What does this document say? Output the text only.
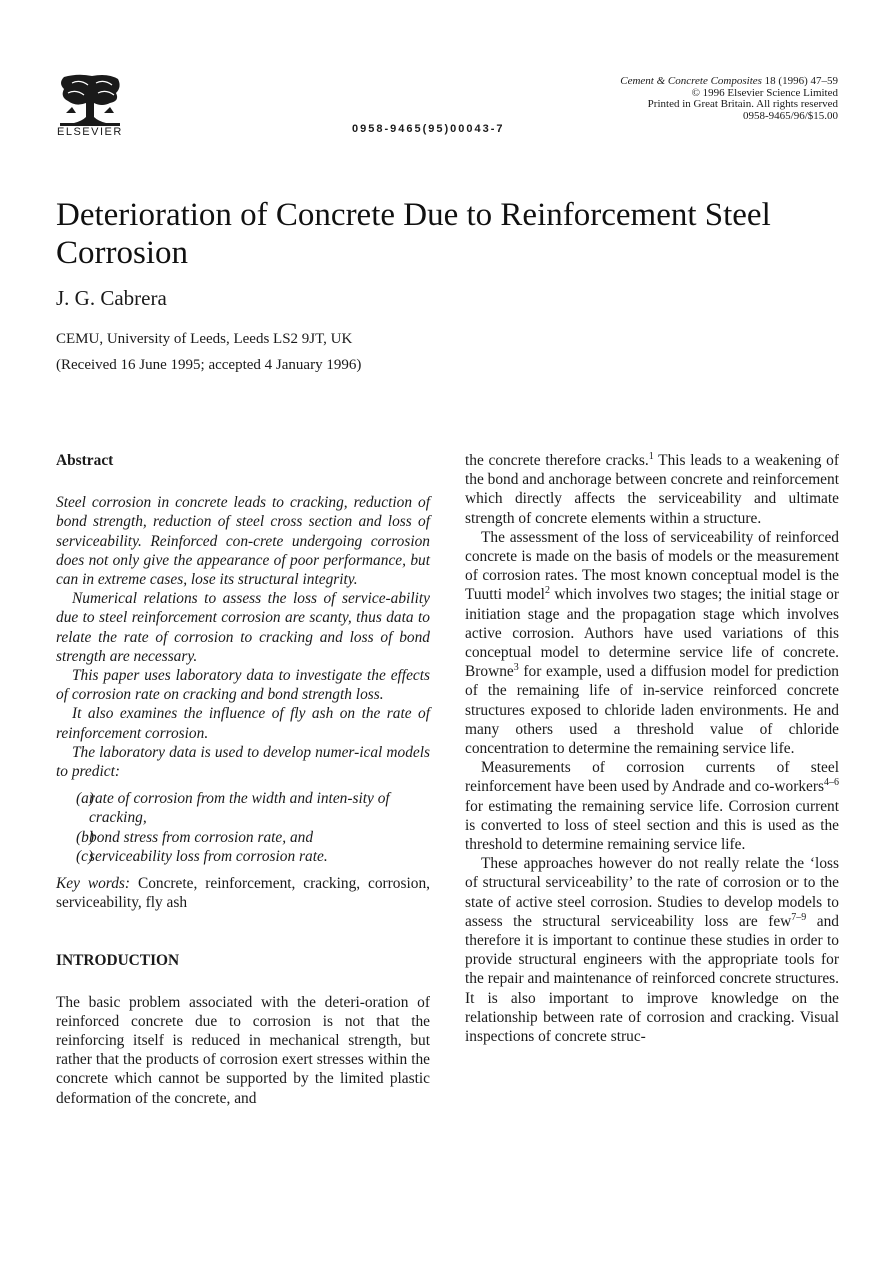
ELSEVIER	0958-9465(95)00043-7
Cement & Concrete Composites 18 (1996) 47–59
© 1996 Elsevier Science Limited
Printed in Great Britain. All rights reserved
0958-9465/96/$15.00
Deterioration of Concrete Due to Reinforcement Steel Corrosion
J. G. Cabrera
CEMU, University of Leeds, Leeds LS2 9JT, UK
(Received 16 June 1995; accepted 4 January 1996)

Abstract

Steel corrosion in concrete leads to cracking, reduction of bond strength, reduction of steel cross section and loss of serviceability. Reinforced con-crete undergoing corrosion does not only give the appearance of poor performance, but can in extreme cases, lose its structural integrity.

Numerical relations to assess the loss of service-ability due to steel reinforcement corrosion are scanty, thus data to relate the rate of corrosion to cracking and loss of bond strength are necessary.

This paper uses laboratory data to investigate the effects of corrosion rate on cracking and bond strength loss.

It also examines the influence of fly ash on the rate of reinforcement corrosion.

The laboratory data is used to develop numer-ical models to predict:

(a)rate of corrosion from the width and inten-sity of cracking,
(b)bond stress from corrosion rate, and
(c)serviceability loss from corrosion rate.

Key words: Concrete, reinforcement, cracking, corrosion, serviceability, fly ash

INTRODUCTION

The basic problem associated with the deteri-oration of reinforced concrete due to corrosion is not that the reinforcing itself is reduced in mechanical strength, but rather that the products of corrosion exert stresses within the concrete which cannot be supported by the limited plastic deformation of the concrete, and

the concrete therefore cracks.$^1$ This leads to a weakening of the bond and anchorage between concrete and reinforcement which directly affects the serviceability and ultimate strength of concrete elements within a structure.

The assessment of the loss of serviceability of reinforced concrete is made on the basis of models or the measurement of corrosion rates. The most known conceptual model is the Tuutti model$^2$ which involves two stages; the initial stage or initiation stage and the propagation stage which involves active corrosion. Authors have used variations of this conceptual model to determine service life of concrete. Browne$^3$ for example, used a diffusion model for prediction of the remaining life of in-service reinforced concrete structures exposed to chloride laden environments. He and many others used a threshold value of chloride concentration to determine the remaining service life.

Measurements of corrosion currents of steel reinforcement have been used by Andrade and co-workers$^{4-6}$ for estimating the remaining service life. Corrosion current is converted to loss of steel section and this is used as the threshold to determine remaining service life.

These approaches however do not really relate the ‘loss of structural serviceability’ to the rate of corrosion or to the state of active steel corrosion. Studies to develop models to assess the structural serviceability loss are few$^{7-9}$ and therefore it is important to continue these studies in order to provide structural engineers with the appropriate tools for the repair and maintenance of reinforced concrete structures. It is also important to improve knowledge on the relationship between rate of corrosion and cracking. Visual inspections of concrete struc-
